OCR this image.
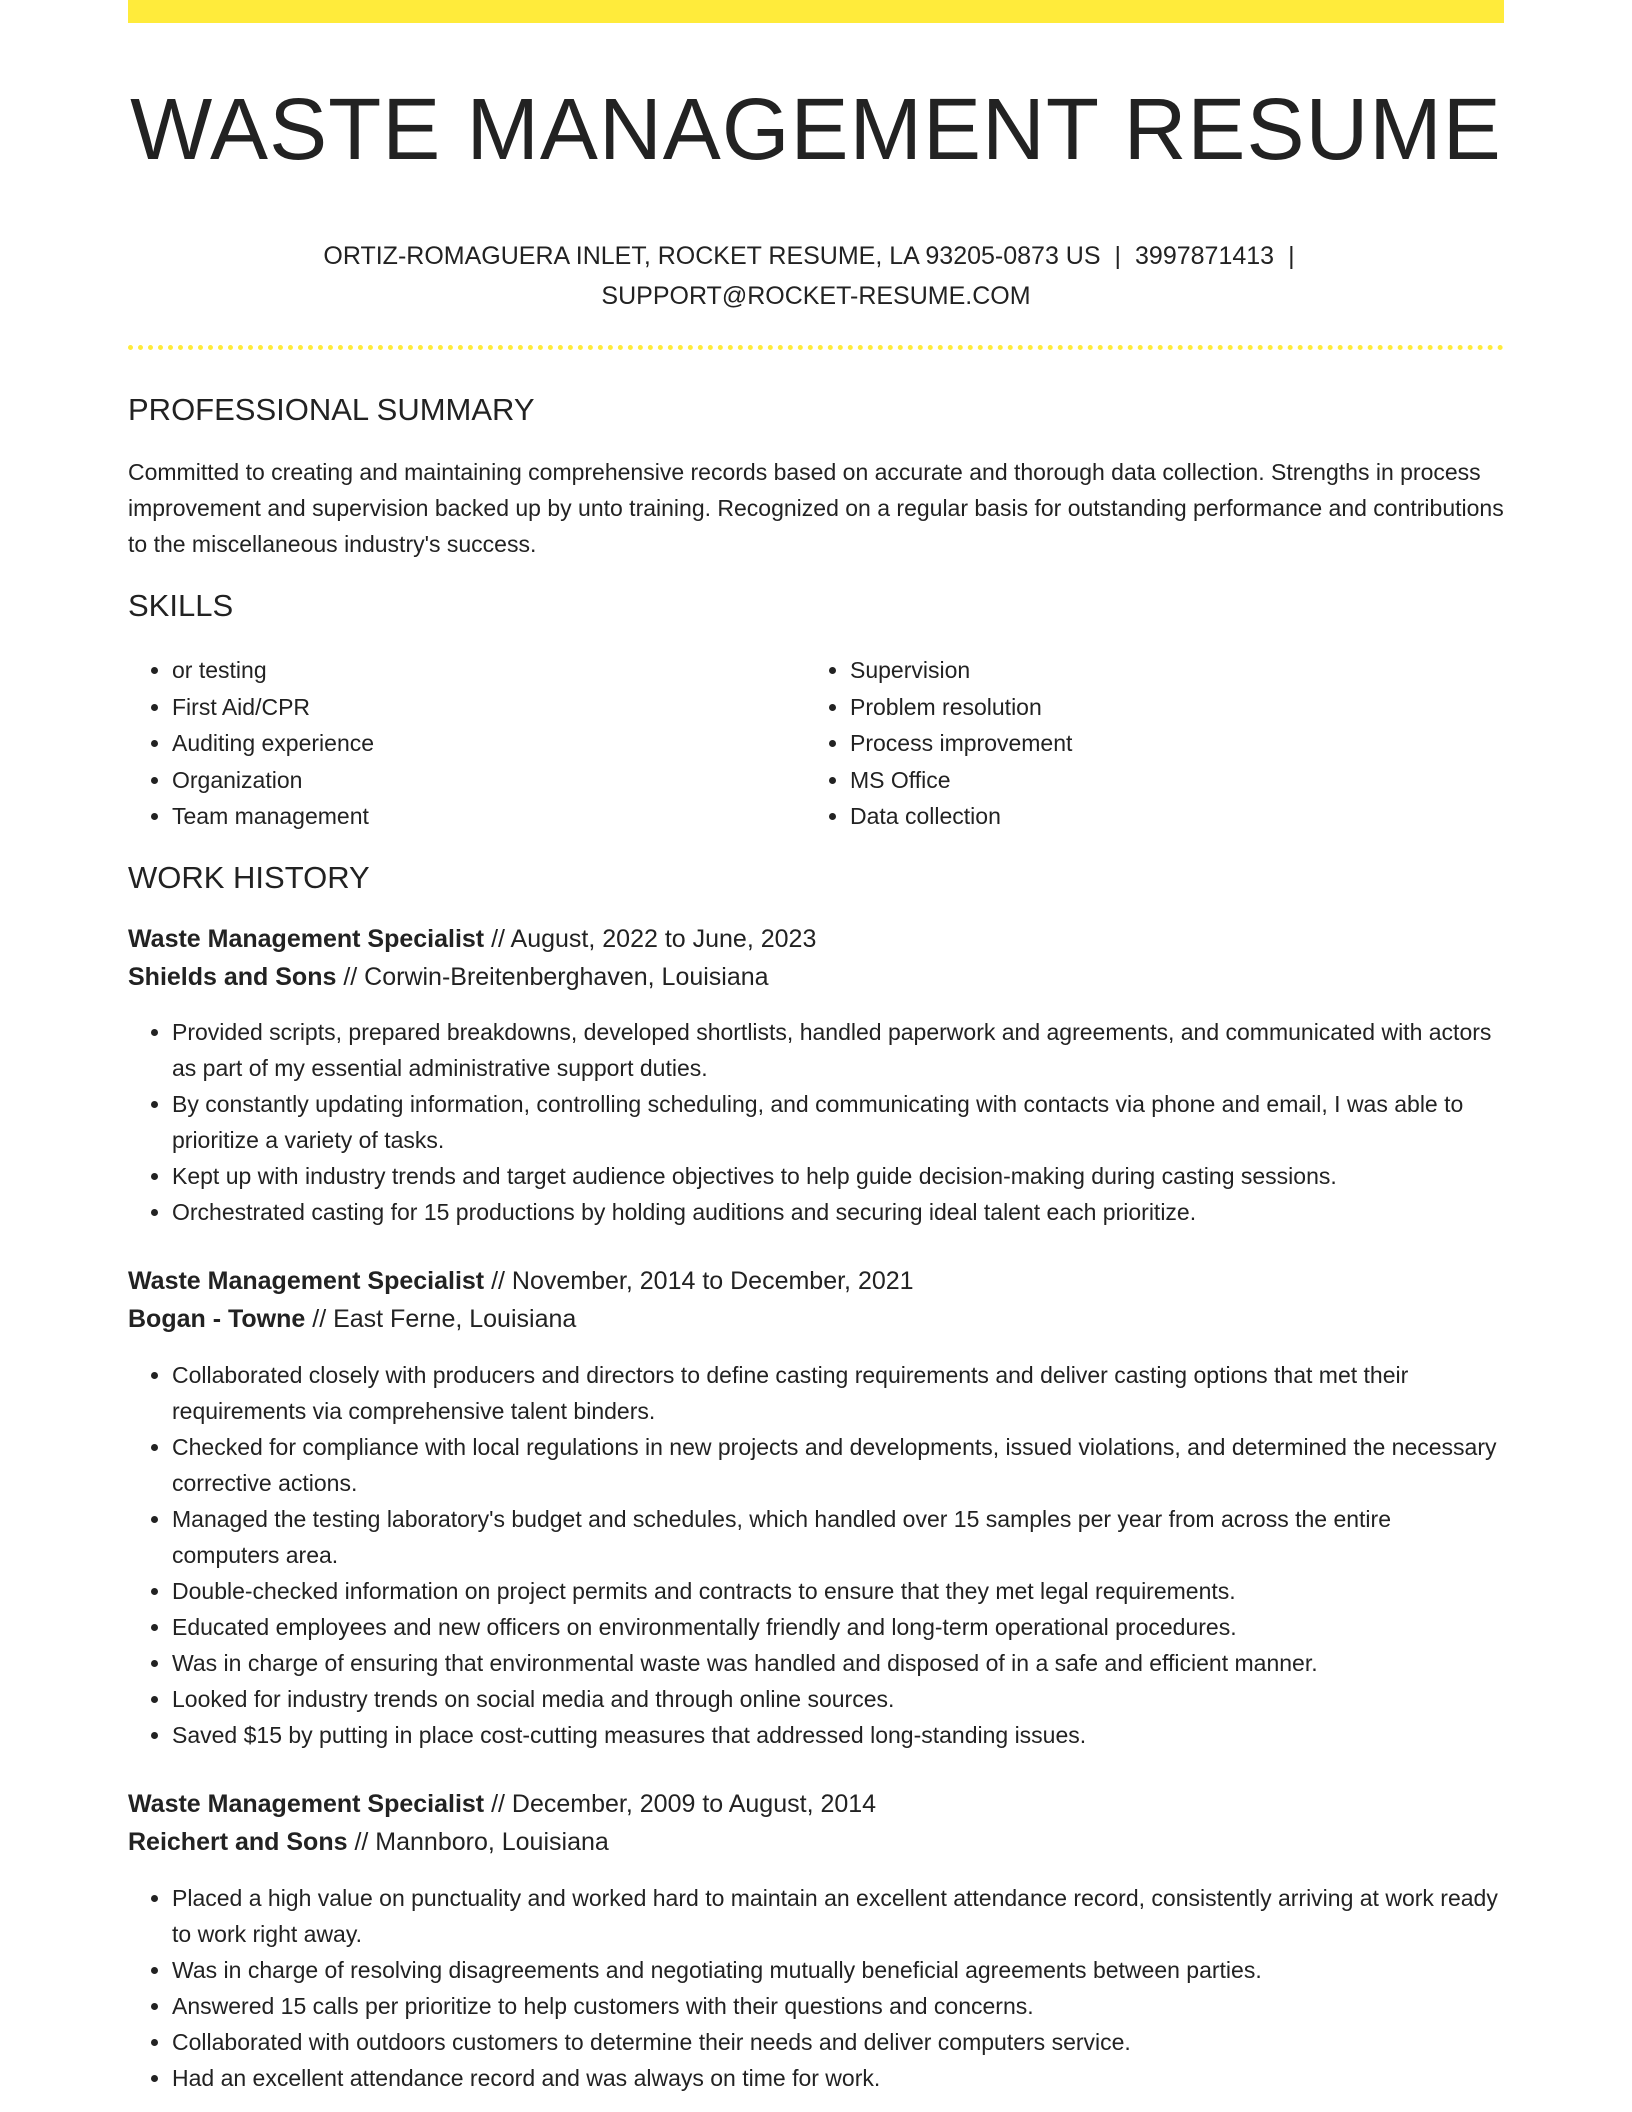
WASTE MANAGEMENT RESUME
ORTIZ-ROMAGUERA INLET, ROCKET RESUME, LA 93205-0873 US | 3997871413 |
SUPPORT@ROCKET-RESUME.COM
PROFESSIONAL SUMMARY
Committed to creating and maintaining comprehensive records based on accurate and thorough data collection. Strengths in process improvement and supervision backed up by unto training. Recognized on a regular basis for outstanding performance and contributions to the miscellaneous industry's success.
SKILLS
• or testing
• First Aid/CPR
• Auditing experience
• Organization
• Team management
• Supervision
• Problem resolution
• Process improvement
• MS Office
• Data collection
WORK HISTORY
Waste Management Specialist // August, 2022 to June, 2023
Shields and Sons // Corwin-Breitenberghaven, Louisiana
• Provided scripts, prepared breakdowns, developed shortlists, handled paperwork and agreements, and communicated with actors as part of my essential administrative support duties.
• By constantly updating information, controlling scheduling, and communicating with contacts via phone and email, I was able to prioritize a variety of tasks.
• Kept up with industry trends and target audience objectives to help guide decision-making during casting sessions.
• Orchestrated casting for 15 productions by holding auditions and securing ideal talent each prioritize.
Waste Management Specialist // November, 2014 to December, 2021
Bogan - Towne // East Ferne, Louisiana
• Collaborated closely with producers and directors to define casting requirements and deliver casting options that met their requirements via comprehensive talent binders.
• Checked for compliance with local regulations in new projects and developments, issued violations, and determined the necessary corrective actions.
• Managed the testing laboratory's budget and schedules, which handled over 15 samples per year from across the entire computers area.
• Double-checked information on project permits and contracts to ensure that they met legal requirements.
• Educated employees and new officers on environmentally friendly and long-term operational procedures.
• Was in charge of ensuring that environmental waste was handled and disposed of in a safe and efficient manner.
• Looked for industry trends on social media and through online sources.
• Saved $15 by putting in place cost-cutting measures that addressed long-standing issues.
Waste Management Specialist // December, 2009 to August, 2014
Reichert and Sons // Mannboro, Louisiana
• Placed a high value on punctuality and worked hard to maintain an excellent attendance record, consistently arriving at work ready to work right away.
• Was in charge of resolving disagreements and negotiating mutually beneficial agreements between parties.
• Answered 15 calls per prioritize to help customers with their questions and concerns.
• Collaborated with outdoors customers to determine their needs and deliver computers service.
• Had an excellent attendance record and was always on time for work.
